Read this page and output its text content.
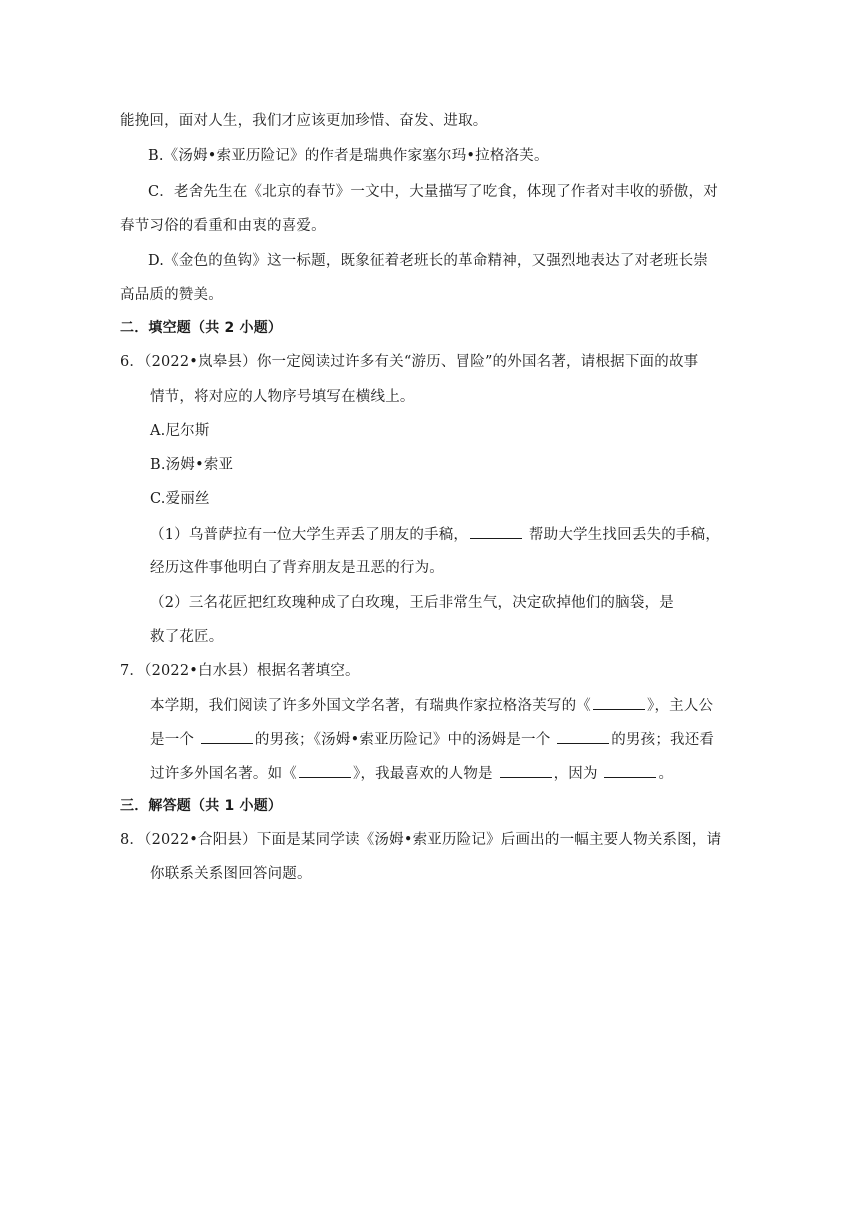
能挽回，面对人生，我们才应该更加珍惜、奋发、进取。
B.《汤姆•索亚历险记》的作者是瑞典作家塞尔玛•拉格洛芙。
C．老舍先生在《北京的春节》一文中，大量描写了吃食，体现了作者对丰收的骄傲，对
春节习俗的看重和由衷的喜爱。
D.《金色的鱼钩》这一标题，既象征着老班长的革命精神，又强烈地表达了对老班长崇
高品质的赞美。
二．填空题（共 2 小题）
6．（2022•岚皋县）你一定阅读过许多有关“游历、冒险”的外国名著，请根据下面的故事
情节，将对应的人物序号填写在横线上。
A.尼尔斯
B.汤姆•索亚
C.爱丽丝
（1）乌普萨拉有一位大学生弄丢了朋友的手稿，	帮助大学生找回丢失的手稿，
经历这件事他明白了背弃朋友是丑恶的行为。
（2）三名花匠把红玫瑰种成了白玫瑰，王后非常生气，决定砍掉他们的脑袋，是
救了花匠。
7．（2022•白水县）根据名著填空。
本学期，我们阅读了许多外国文学名著，有瑞典作家拉格洛芙写的《	》，主人公
是一个	的男孩；《汤姆•索亚历险记》中的汤姆是一个	的男孩；我还看
过许多外国名著。如《	》，我最喜欢的人物是	，因为	。
三．解答题（共 1 小题）
8．（2022•合阳县）下面是某同学读《汤姆•索亚历险记》后画出的一幅主要人物关系图，请
你联系关系图回答问题。
